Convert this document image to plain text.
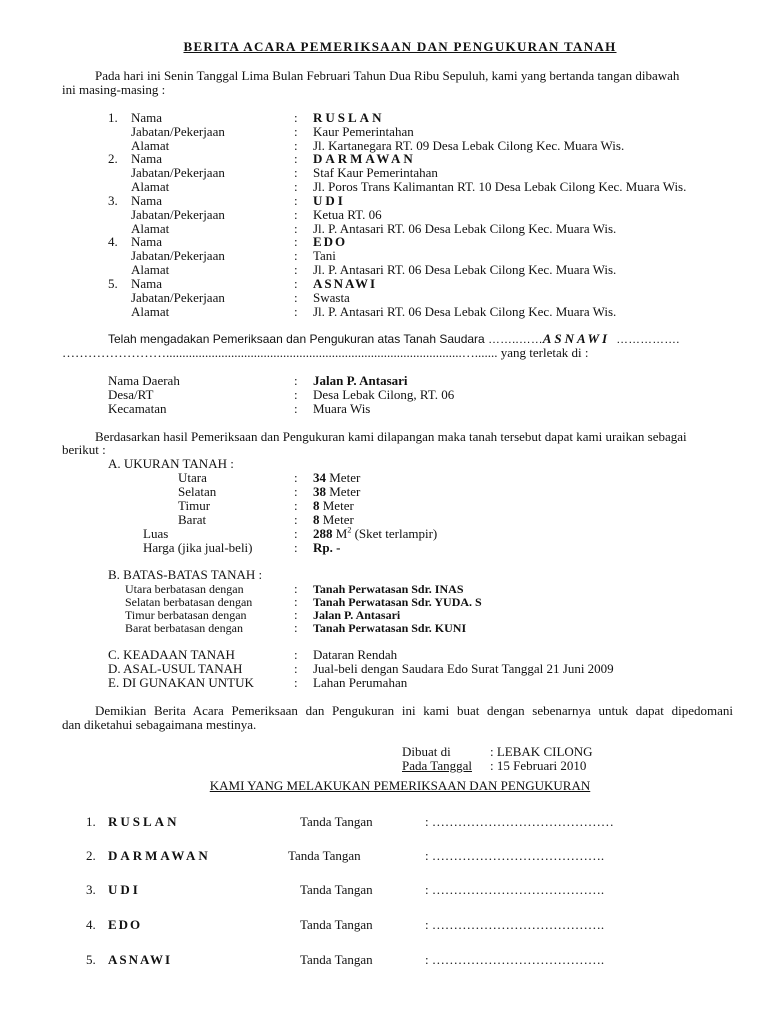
BERITA ACARA PEMERIKSAAN DAN PENGUKURAN TANAH
Pada hari ini Senin Tanggal Lima Bulan Februari Tahun Dua Ribu Sepuluh, kami yang bertanda tangan dibawah
ini masing-masing :
1. Nama	: RUSLAN
Jabatan/Pekerjaan	: Kaur Pemerintahan
Alamat	: Jl. Kartanegara RT. 09 Desa Lebak Cilong Kec. Muara Wis.
2. Nama	: DARMAWAN
Jabatan/Pekerjaan	: Staf Kaur Pemerintahan
Alamat	: Jl. Poros Trans Kalimantan RT. 10 Desa Lebak Cilong Kec. Muara Wis.
3. Nama	: UDI
Jabatan/Pekerjaan	: Ketua RT. 06
Alamat	: Jl. P. Antasari RT. 06 Desa Lebak Cilong Kec. Muara Wis.
4. Nama	: EDO
Jabatan/Pekerjaan	: Tani
Alamat	: Jl. P. Antasari RT. 06 Desa Lebak Cilong Kec. Muara Wis.
5. Nama	: ASNAWI
Jabatan/Pekerjaan	: Swasta
Alamat	: Jl. P. Antasari RT. 06 Desa Lebak Cilong Kec. Muara Wis.
Telah mengadakan Pemeriksaan dan Pengukuran atas Tanah Saudara ……..……ASNAWI …………….
……………………...........................................................................................…....... yang terletak di :
Nama Daerah	: Jalan P. Antasari
Desa/RT	: Desa Lebak Cilong, RT. 06
Kecamatan	: Muara Wis
Berdasarkan hasil Pemeriksaan dan Pengukuran kami dilapangan maka tanah tersebut dapat kami uraikan sebagai
berikut :
A. UKURAN TANAH :
Utara	: 34 Meter
Selatan	: 38 Meter
Timur	: 8 Meter
Barat	: 8 Meter
Luas	: 288 $M^2$ (Sket terlampir)
Harga (jika jual-beli)	: Rp. -
B. BATAS-BATAS TANAH :
Utara berbatasan dengan	: Tanah Perwatasan Sdr. INAS
Selatan berbatasan dengan	: Tanah Perwatasan Sdr. YUDA. S
Timur berbatasan dengan	: Jalan P. Antasari
Barat berbatasan dengan	: Tanah Perwatasan Sdr. KUNI
C. KEADAAN TANAH	: Dataran Rendah
D. ASAL-USUL TANAH	: Jual-beli dengan Saudara Edo Surat Tanggal 21 Juni 2009
E. DI GUNAKAN UNTUK	: Lahan Perumahan
Demikian Berita Acara Pemeriksaan dan Pengukuran ini kami buat dengan sebenarnya untuk dapat dipedomani
dan diketahui sebagaimana mestinya.
Dibuat di	: LEBAK CILONG
Pada Tanggal : 15 Februari 2010
KAMI YANG MELAKUKAN PEMERIKSAAN DAN PENGUKURAN
1. RUSLAN	Tanda Tangan	: ……………………………………
2. DARMAWAN	Tanda Tangan	: ………………………………….
3. UDI	Tanda Tangan	: ………………………………….
4. EDO	Tanda Tangan	: ………………………………….
5. ASNAWI	Tanda Tangan	: ………………………………….
